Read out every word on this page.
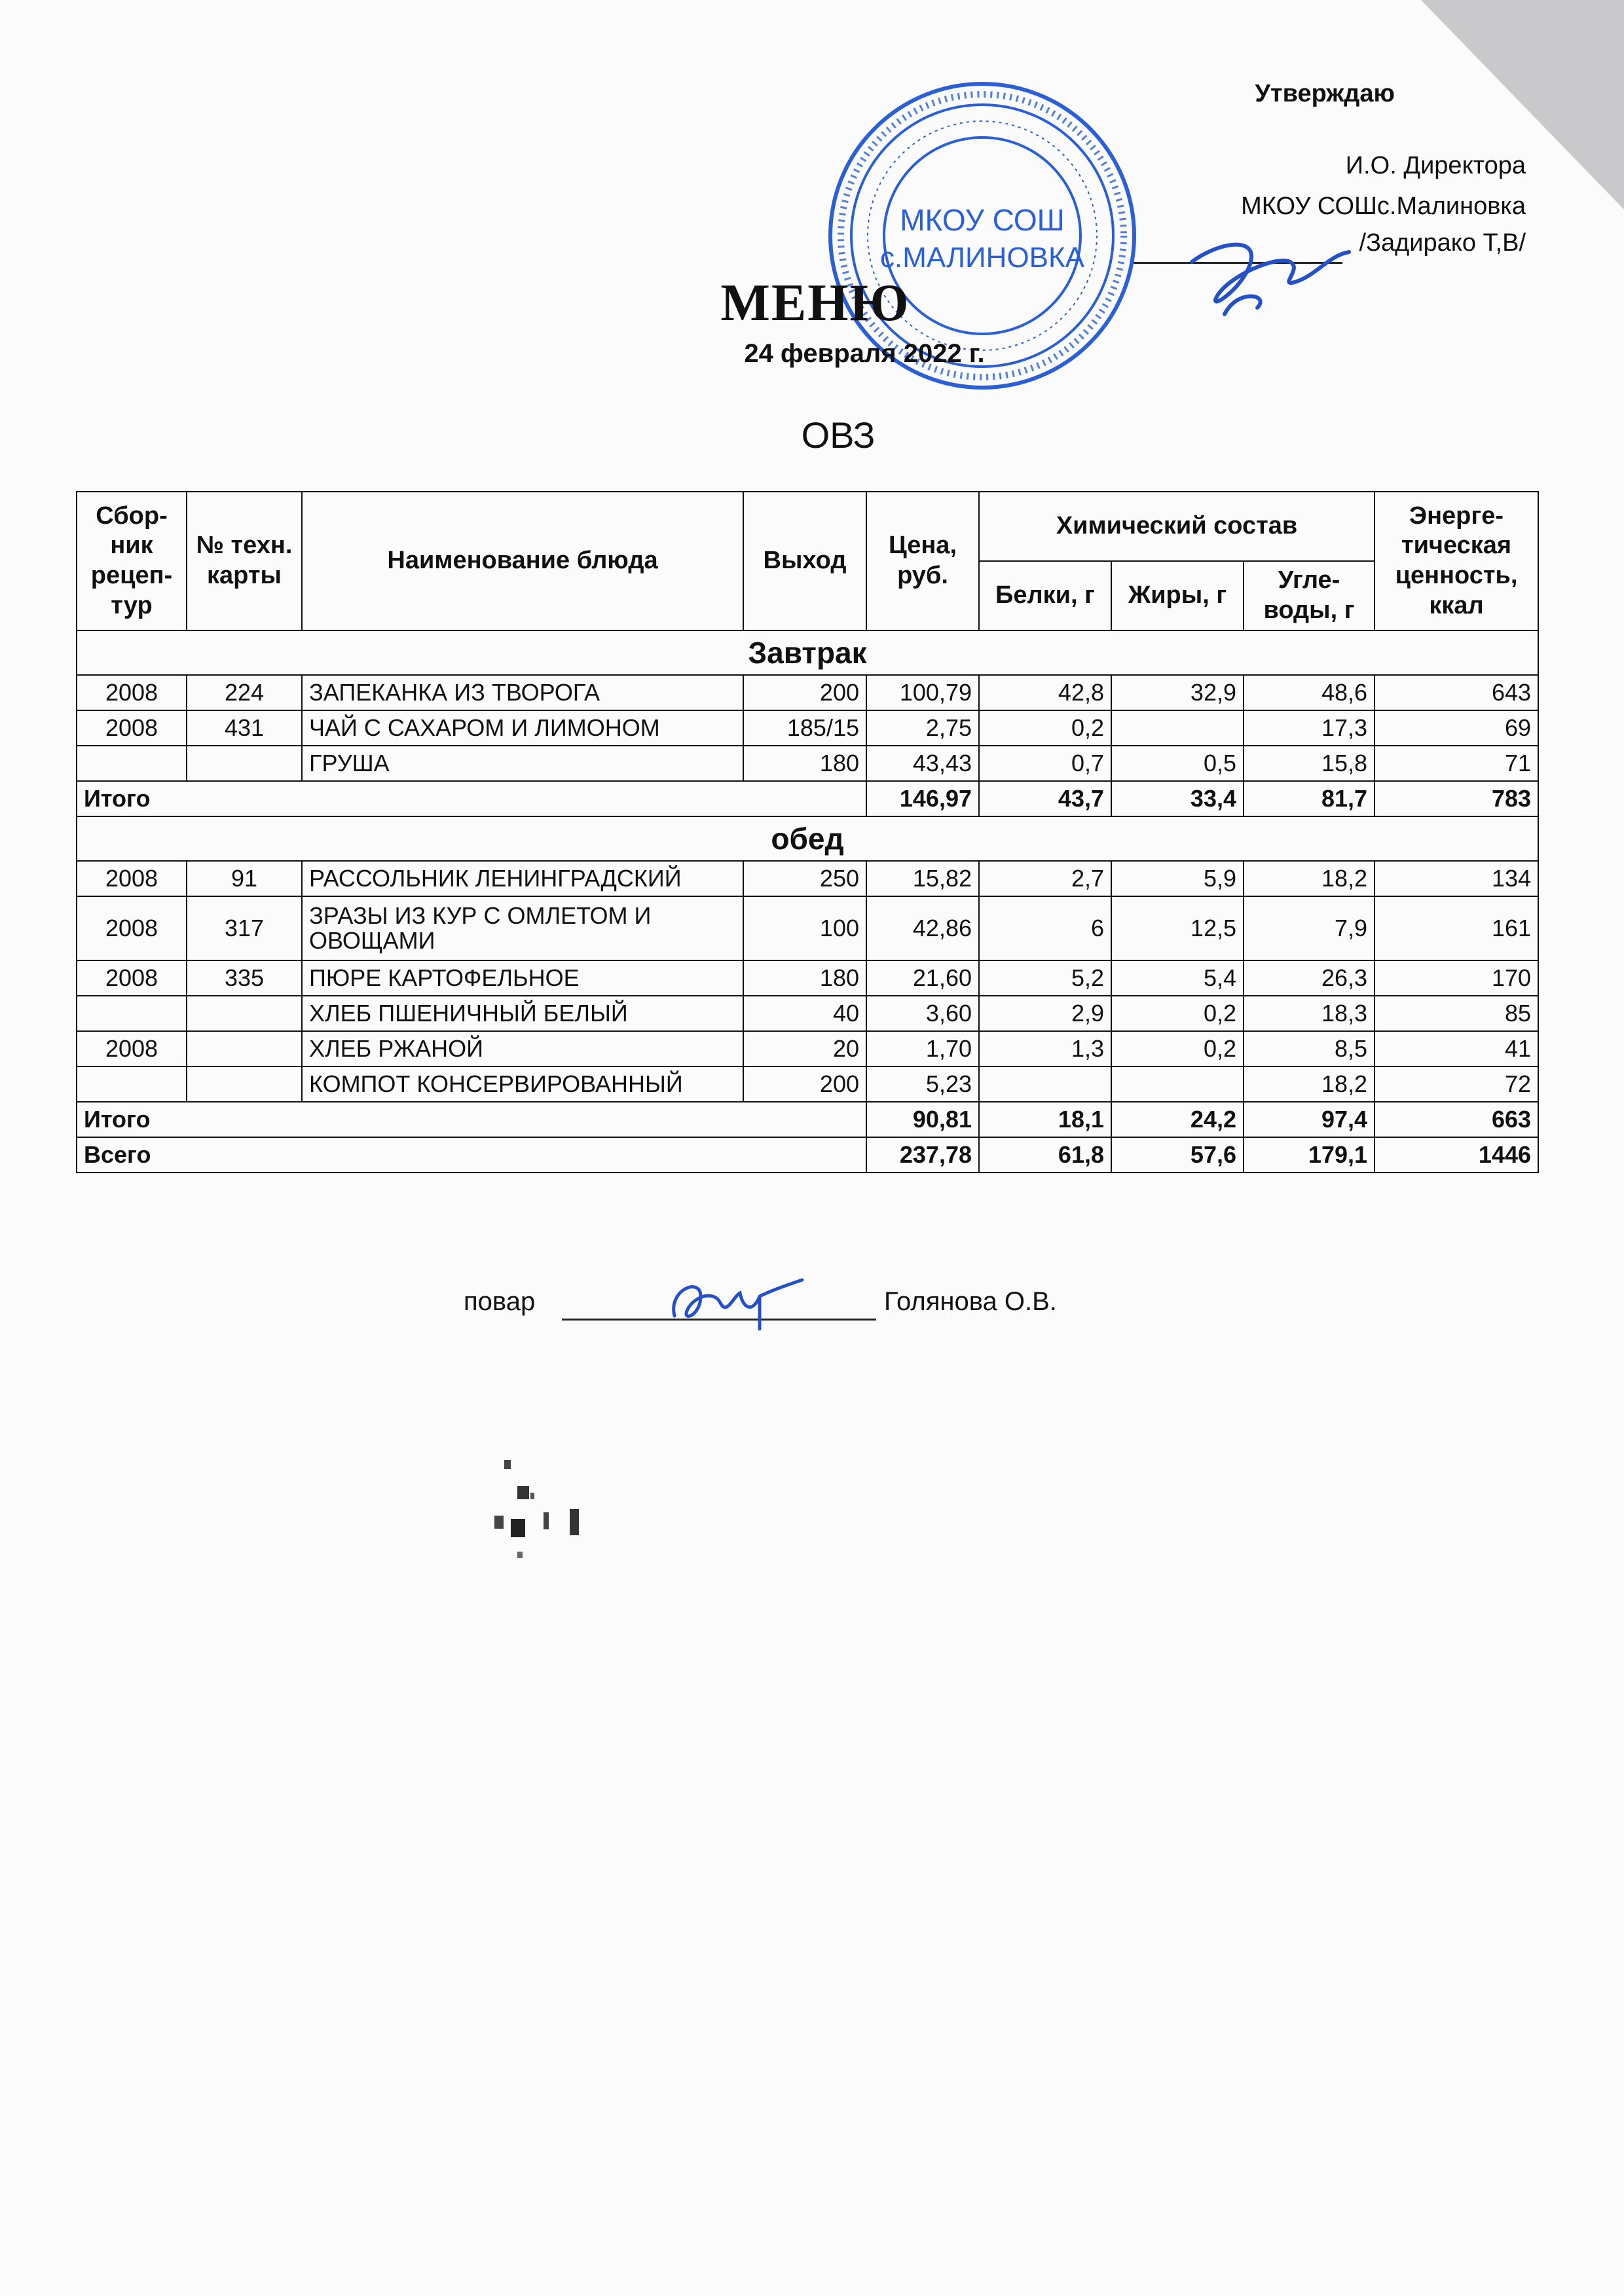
Утверждаю
И.О. Директора
МКОУ СОШс.Малиновка
/Задирако Т,В/
МКОУ СОШ
с.МАЛИНОВКА
МЕНЮ
24 февраля 2022 г.
ОВЗ
Сбор-ник рецеп-тур	№ техн. карты	Наименование блюда	Выход	Цена, руб.	Химический состав			Энерге-тическая ценность, ккал
					Белки, г	Жиры, г	Угле-воды, г	
Завтрак								
2008	224	ЗАПЕКАНКА ИЗ ТВОРОГА	200	100,79	42,8	32,9	48,6	643
2008	431	ЧАЙ С САХАРОМ И ЛИМОНОМ	185/15	2,75	0,2		17,3	69
		ГРУША	180	43,43	0,7	0,5	15,8	71
Итого				146,97	43,7	33,4	81,7	783
обед								
2008	91	РАССОЛЬНИК ЛЕНИНГРАДСКИЙ	250	15,82	2,7	5,9	18,2	134
2008	317	ЗРАЗЫ ИЗ КУР С ОМЛЕТОМ И ОВОЩАМИ	100	42,86	6	12,5	7,9	161
2008	335	ПЮРЕ КАРТОФЕЛЬНОЕ	180	21,60	5,2	5,4	26,3	170
		ХЛЕБ ПШЕНИЧНЫЙ БЕЛЫЙ	40	3,60	2,9	0,2	18,3	85
2008		ХЛЕБ РЖАНОЙ	20	1,70	1,3	0,2	8,5	41
		КОМПОТ КОНСЕРВИРОВАННЫЙ	200	5,23			18,2	72
Итого				90,81	18,1	24,2	97,4	663
Всего				237,78	61,8	57,6	179,1	1446
повар	Голянова О.В.
